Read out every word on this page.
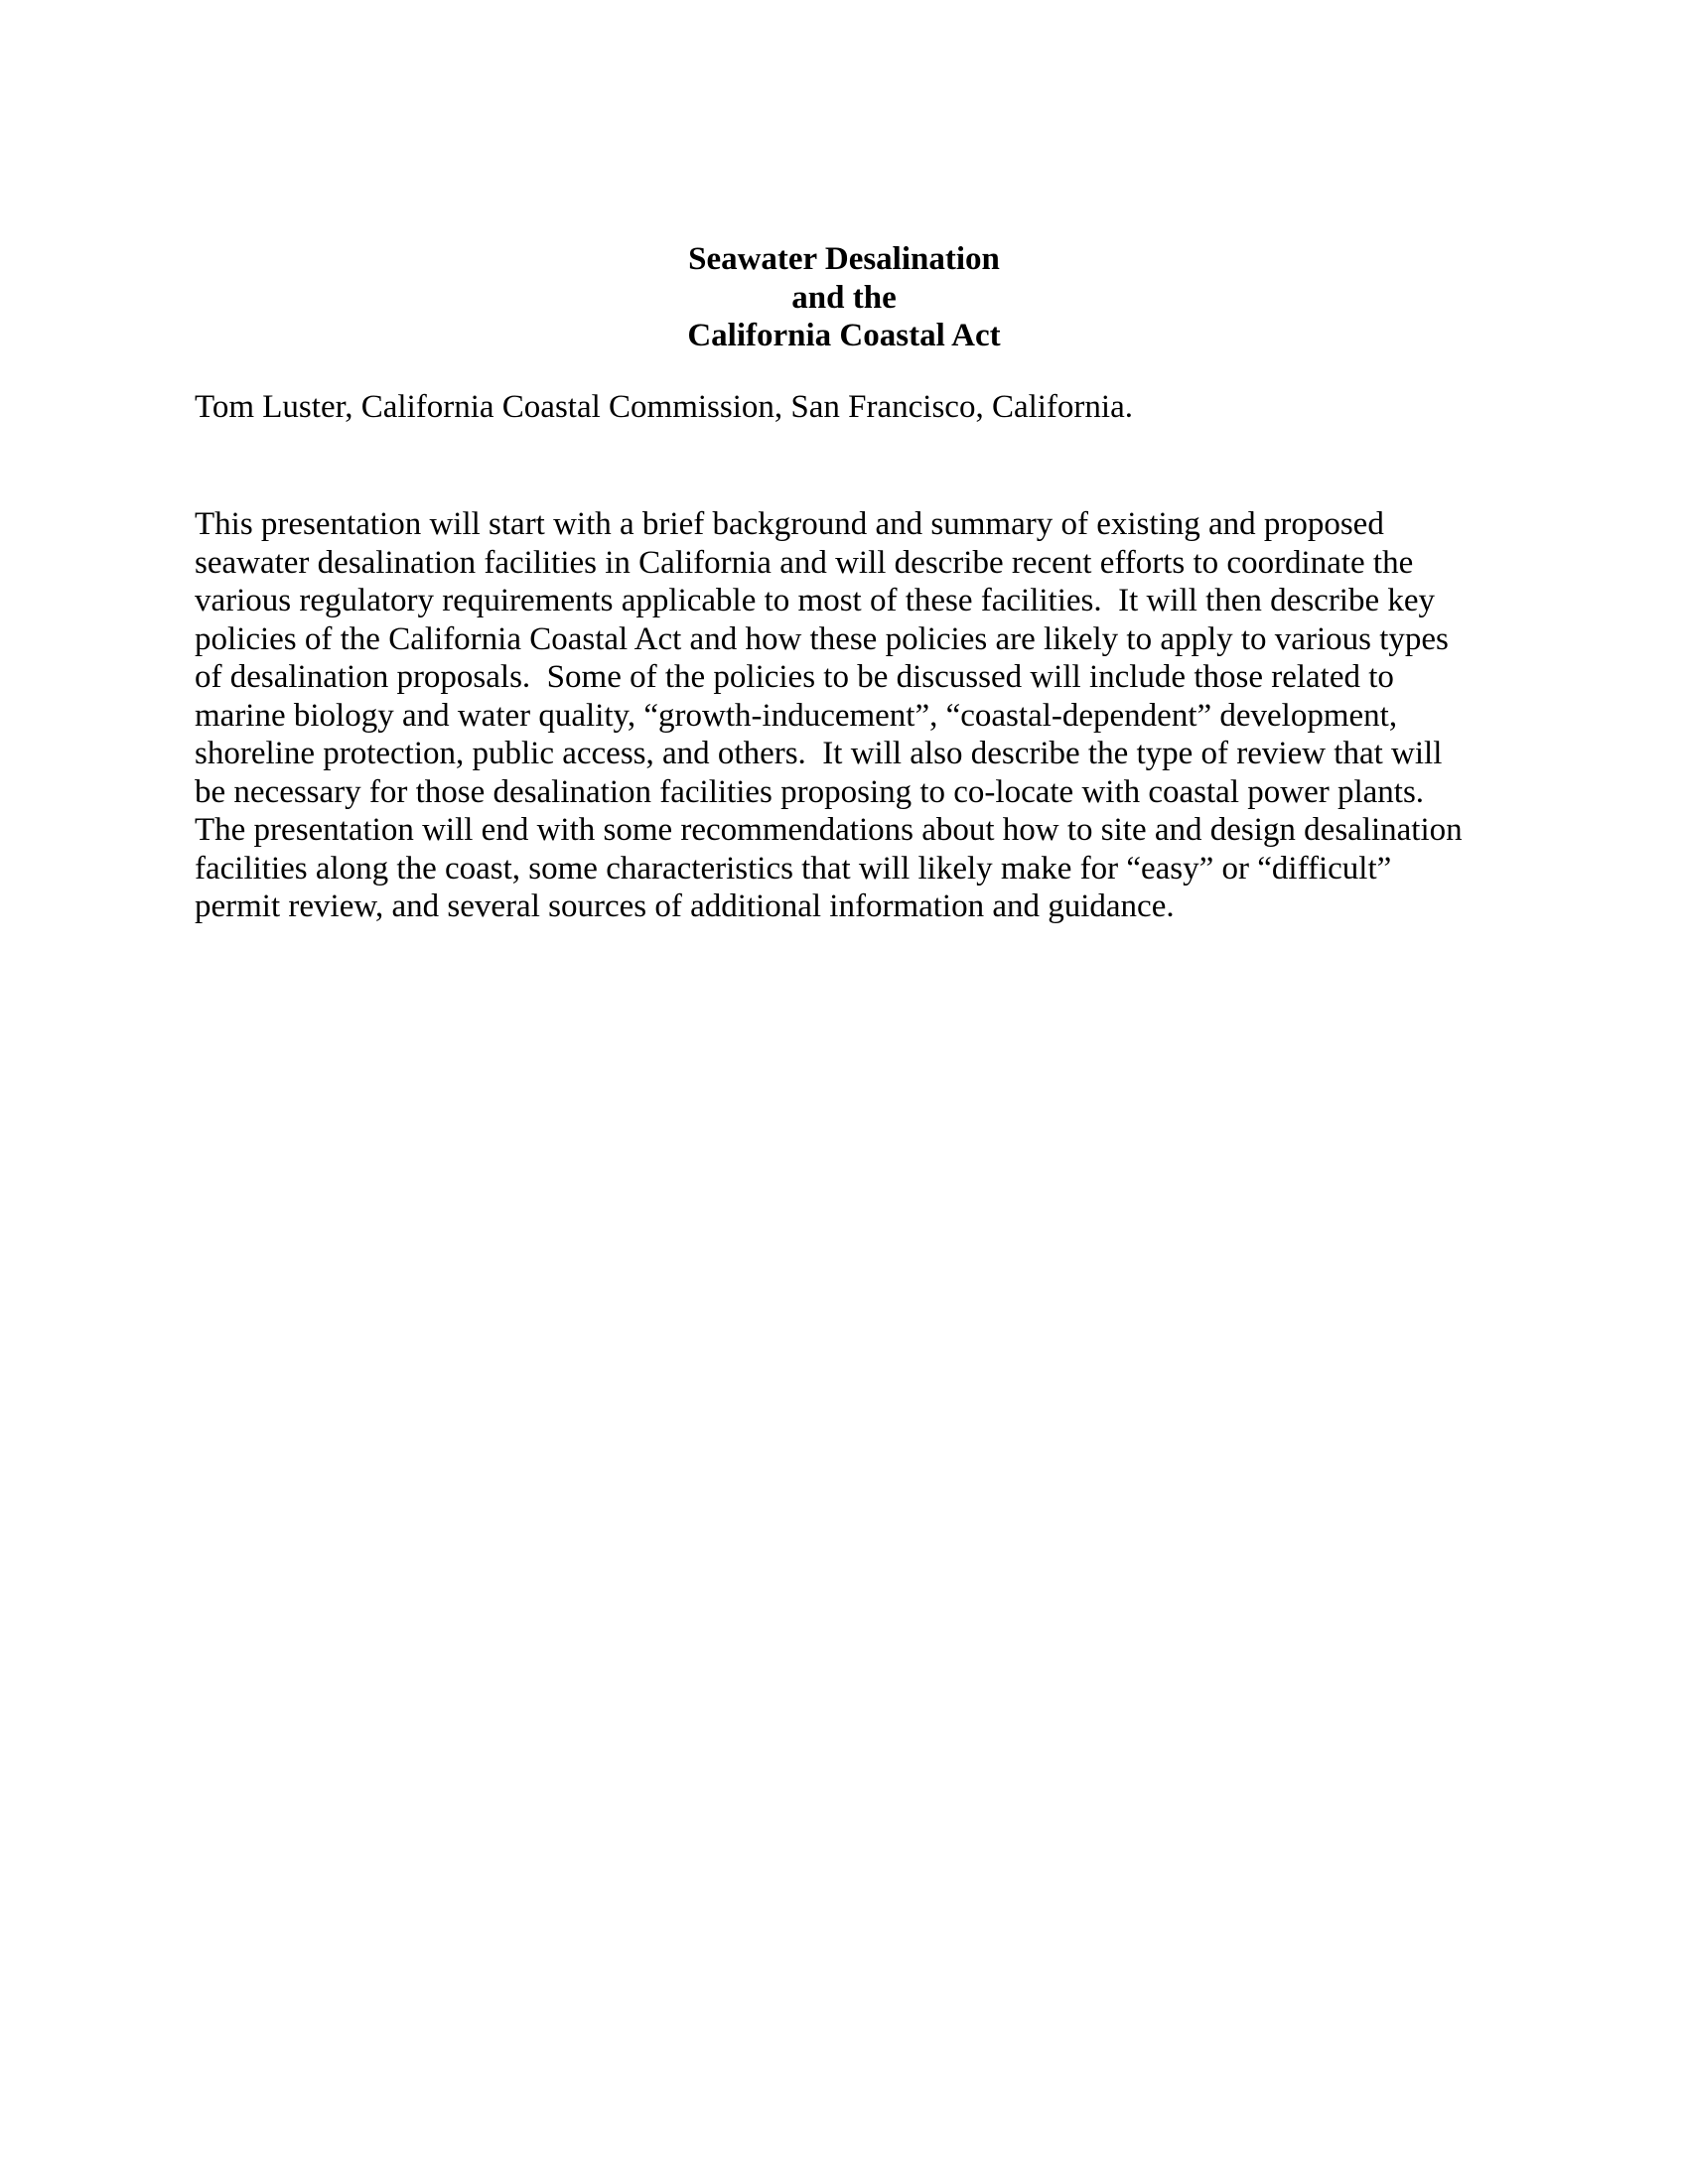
Seawater Desalination
and the
California Coastal Act
Tom Luster, California Coastal Commission, San Francisco, California.
This presentation will start with a brief background and summary of existing and proposed
seawater desalination facilities in California and will describe recent efforts to coordinate the
various regulatory requirements applicable to most of these facilities.  It will then describe key
policies of the California Coastal Act and how these policies are likely to apply to various types
of desalination proposals.  Some of the policies to be discussed will include those related to
marine biology and water quality, “growth-inducement”, “coastal-dependent” development,
shoreline protection, public access, and others.  It will also describe the type of review that will
be necessary for those desalination facilities proposing to co-locate with coastal power plants.
The presentation will end with some recommendations about how to site and design desalination
facilities along the coast, some characteristics that will likely make for “easy” or “difficult”
permit review, and several sources of additional information and guidance.
